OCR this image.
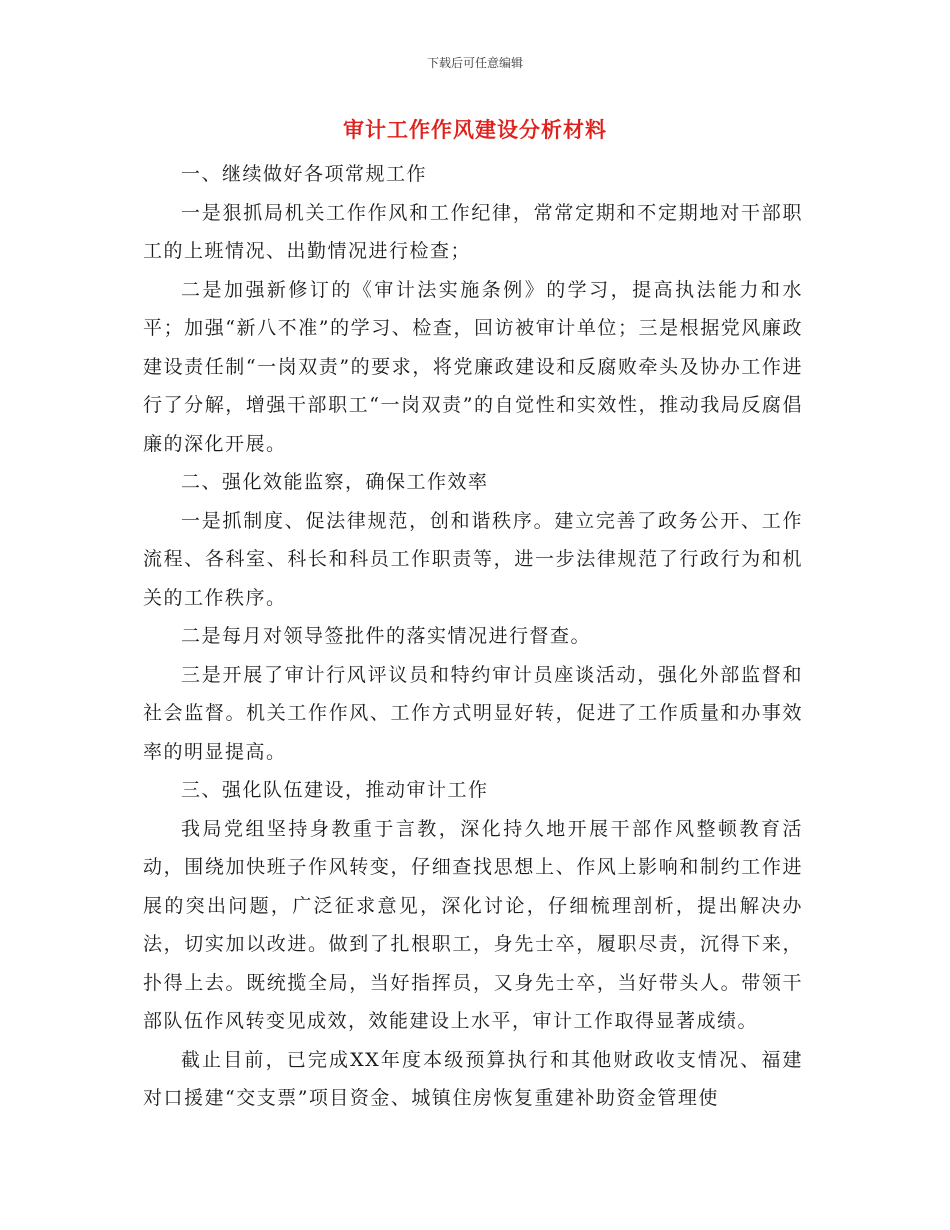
下载后可任意编辑
审计工作作风建设分析材料

一、继续做好各项常规工作

一是狠抓局机关工作作风和工作纪律，常常定期和不定期地对干部职工的上班情况、出勤情况进行检查；

二是加强新修订的《审计法实施条例》的学习，提高执法能力和水平；加强“新八不准”的学习、检查，回访被审计单位；三是根据党风廉政建设责任制“一岗双责”的要求，将党廉政建设和反腐败牵头及协办工作进行了分解，增强干部职工“一岗双责”的自觉性和实效性，推动我局反腐倡廉的深化开展。

二、强化效能监察，确保工作效率

一是抓制度、促法律规范，创和谐秩序。建立完善了政务公开、工作流程、各科室、科长和科员工作职责等，进一步法律规范了行政行为和机关的工作秩序。

二是每月对领导签批件的落实情况进行督查。

三是开展了审计行风评议员和特约审计员座谈活动，强化外部监督和社会监督。机关工作作风、工作方式明显好转，促进了工作质量和办事效率的明显提高。

三、强化队伍建设，推动审计工作

我局党组坚持身教重于言教，深化持久地开展干部作风整顿教育活动，围绕加快班子作风转变，仔细查找思想上、作风上影响和制约工作进展的突出问题，广泛征求意见，深化讨论，仔细梳理剖析，提出解决办法，切实加以改进。做到了扎根职工，身先士卒，履职尽责，沉得下来，扑得上去。既统揽全局，当好指挥员，又身先士卒，当好带头人。带领干部队伍作风转变见成效，效能建设上水平，审计工作取得显著成绩。

截止目前，已完成XX年度本级预算执行和其他财政收支情况、福建对口援建“交支票”项目资金、城镇住房恢复重建补助资金管理使
